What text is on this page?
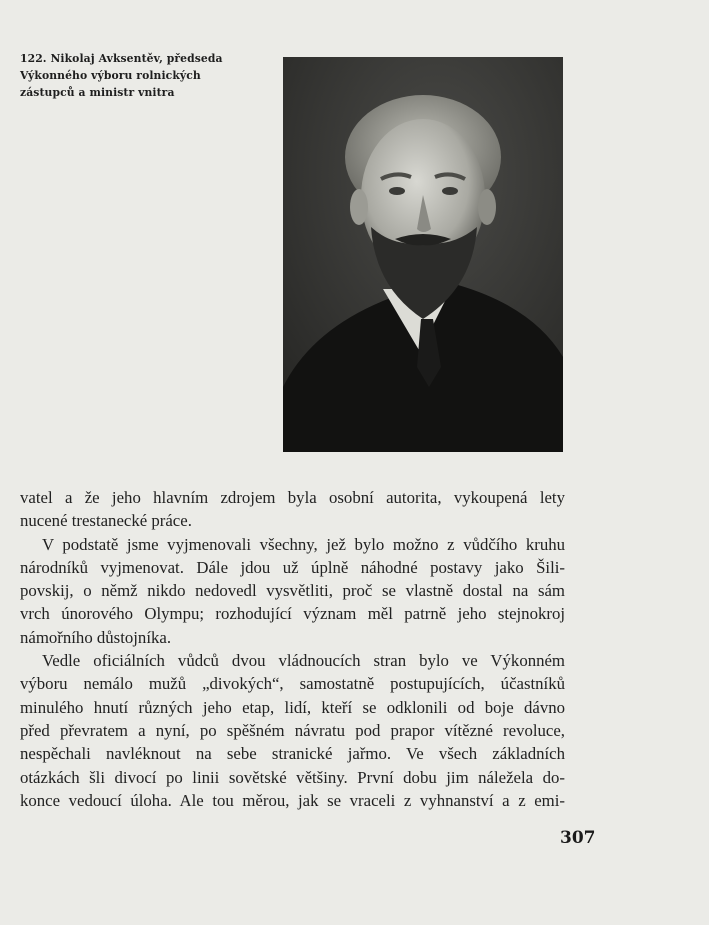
122. Nikolaj Avksentěv, předseda
Výkonného výboru rolnických
zástupců a ministr vnitra
vatel a že jeho hlavním zdrojem byla osobní autorita, vykoupená lety
nucené trestanecké práce.
V podstatě jsme vyjmenovali všechny, jež bylo možno z vůdčího kruhu
národníků vyjmenovat. Dále jdou už úplně náhodné postavy jako Šili-
povskij, o němž nikdo nedovedl vysvětliti, proč se vlastně dostal na sám
vrch únorového Olympu; rozhodující význam měl patrně jeho stejnokroj
námořního důstojníka.
Vedle oficiálních vůdců dvou vládnoucích stran bylo ve Výkonném
výboru nemálo mužů „divokých“, samostatně postupujících, účastníků
minulého hnutí různých jeho etap, lidí, kteří se odklonili od boje dávno
před převratem a nyní, po spěšném návratu pod prapor vítězné revoluce,
nespěchali navléknout na sebe stranické jařmo. Ve všech základních
otázkách šli divocí po linii sovětské většiny. První dobu jim náležela do-
konce vedoucí úloha. Ale tou měrou, jak se vraceli z vyhnanství a z emi-
307
